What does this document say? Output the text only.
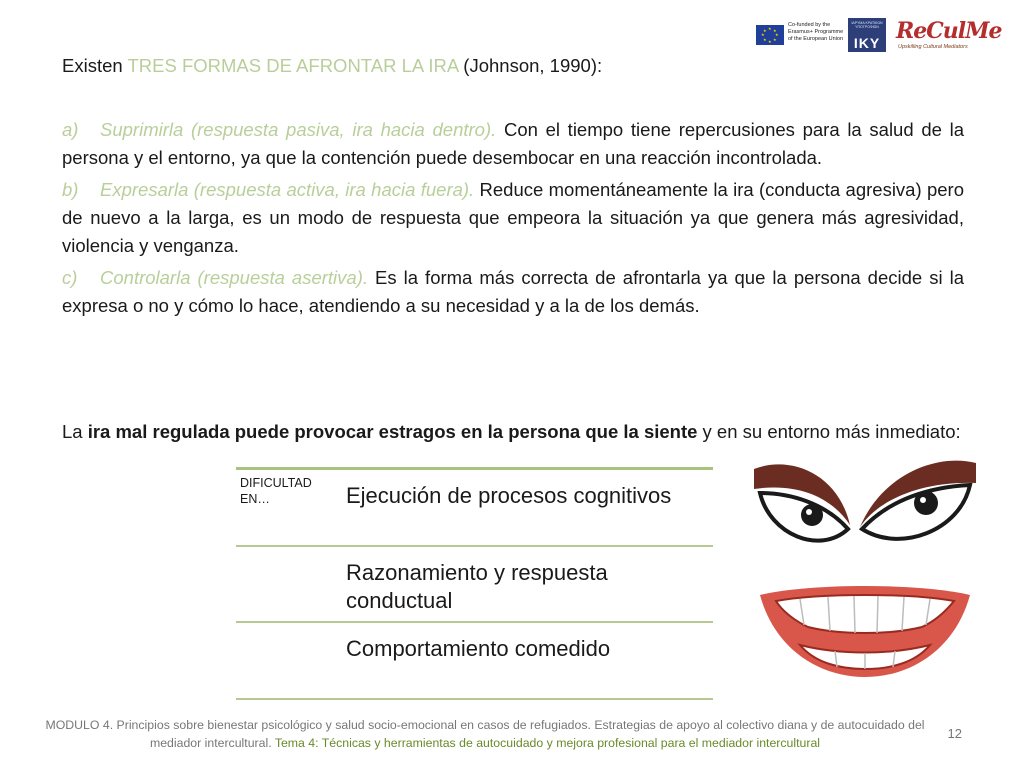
★ ★
★
★
★
★
★
★
Co-funded by the Erasmus+ Programme of the European Union
ΙΔΡΥΜΑ ΚΡΑΤΙΚΩΝ ΥΠΟΤΡΟΦΙΩΝ
IKY ReCulMe
Upskilling Cultural Mediators

Existen TRES FORMAS DE AFRONTAR LA IRA (Johnson, 1990):

a) Suprimirla (respuesta pasiva, ira hacia dentro). Con el tiempo tiene repercusiones para la salud de la persona y el entorno, ya que la contención puede desembocar en una reacción incontrolada.

b) Expresarla (respuesta activa, ira hacia fuera). Reduce momentáneamente la ira (conducta agresiva) pero de nuevo a la larga, es un modo de respuesta que empeora la situación ya que genera más agresividad, violencia y venganza.

c) Controlarla (respuesta asertiva). Es la forma más correcta de afrontarla ya que la persona decide si la expresa o no y cómo lo hace, atendiendo a su necesidad y a la de los demás.

La ira mal regulada puede provocar estragos en la persona que la siente y en su entorno más inmediato:

DIFICULTAD
EN…	Ejecución de procesos cognitivos
Razonamiento y respuesta conductual
Comportamiento comedido
MODULO 4. Principios sobre bienestar psicológico y salud socio-emocional en casos de refugiados. Estrategias de apoyo al colectivo diana y de autocuidado del mediador intercultural. Tema 4: Técnicas y herramientas de autocuidado y mejora profesional para el mediador intercultural
12
